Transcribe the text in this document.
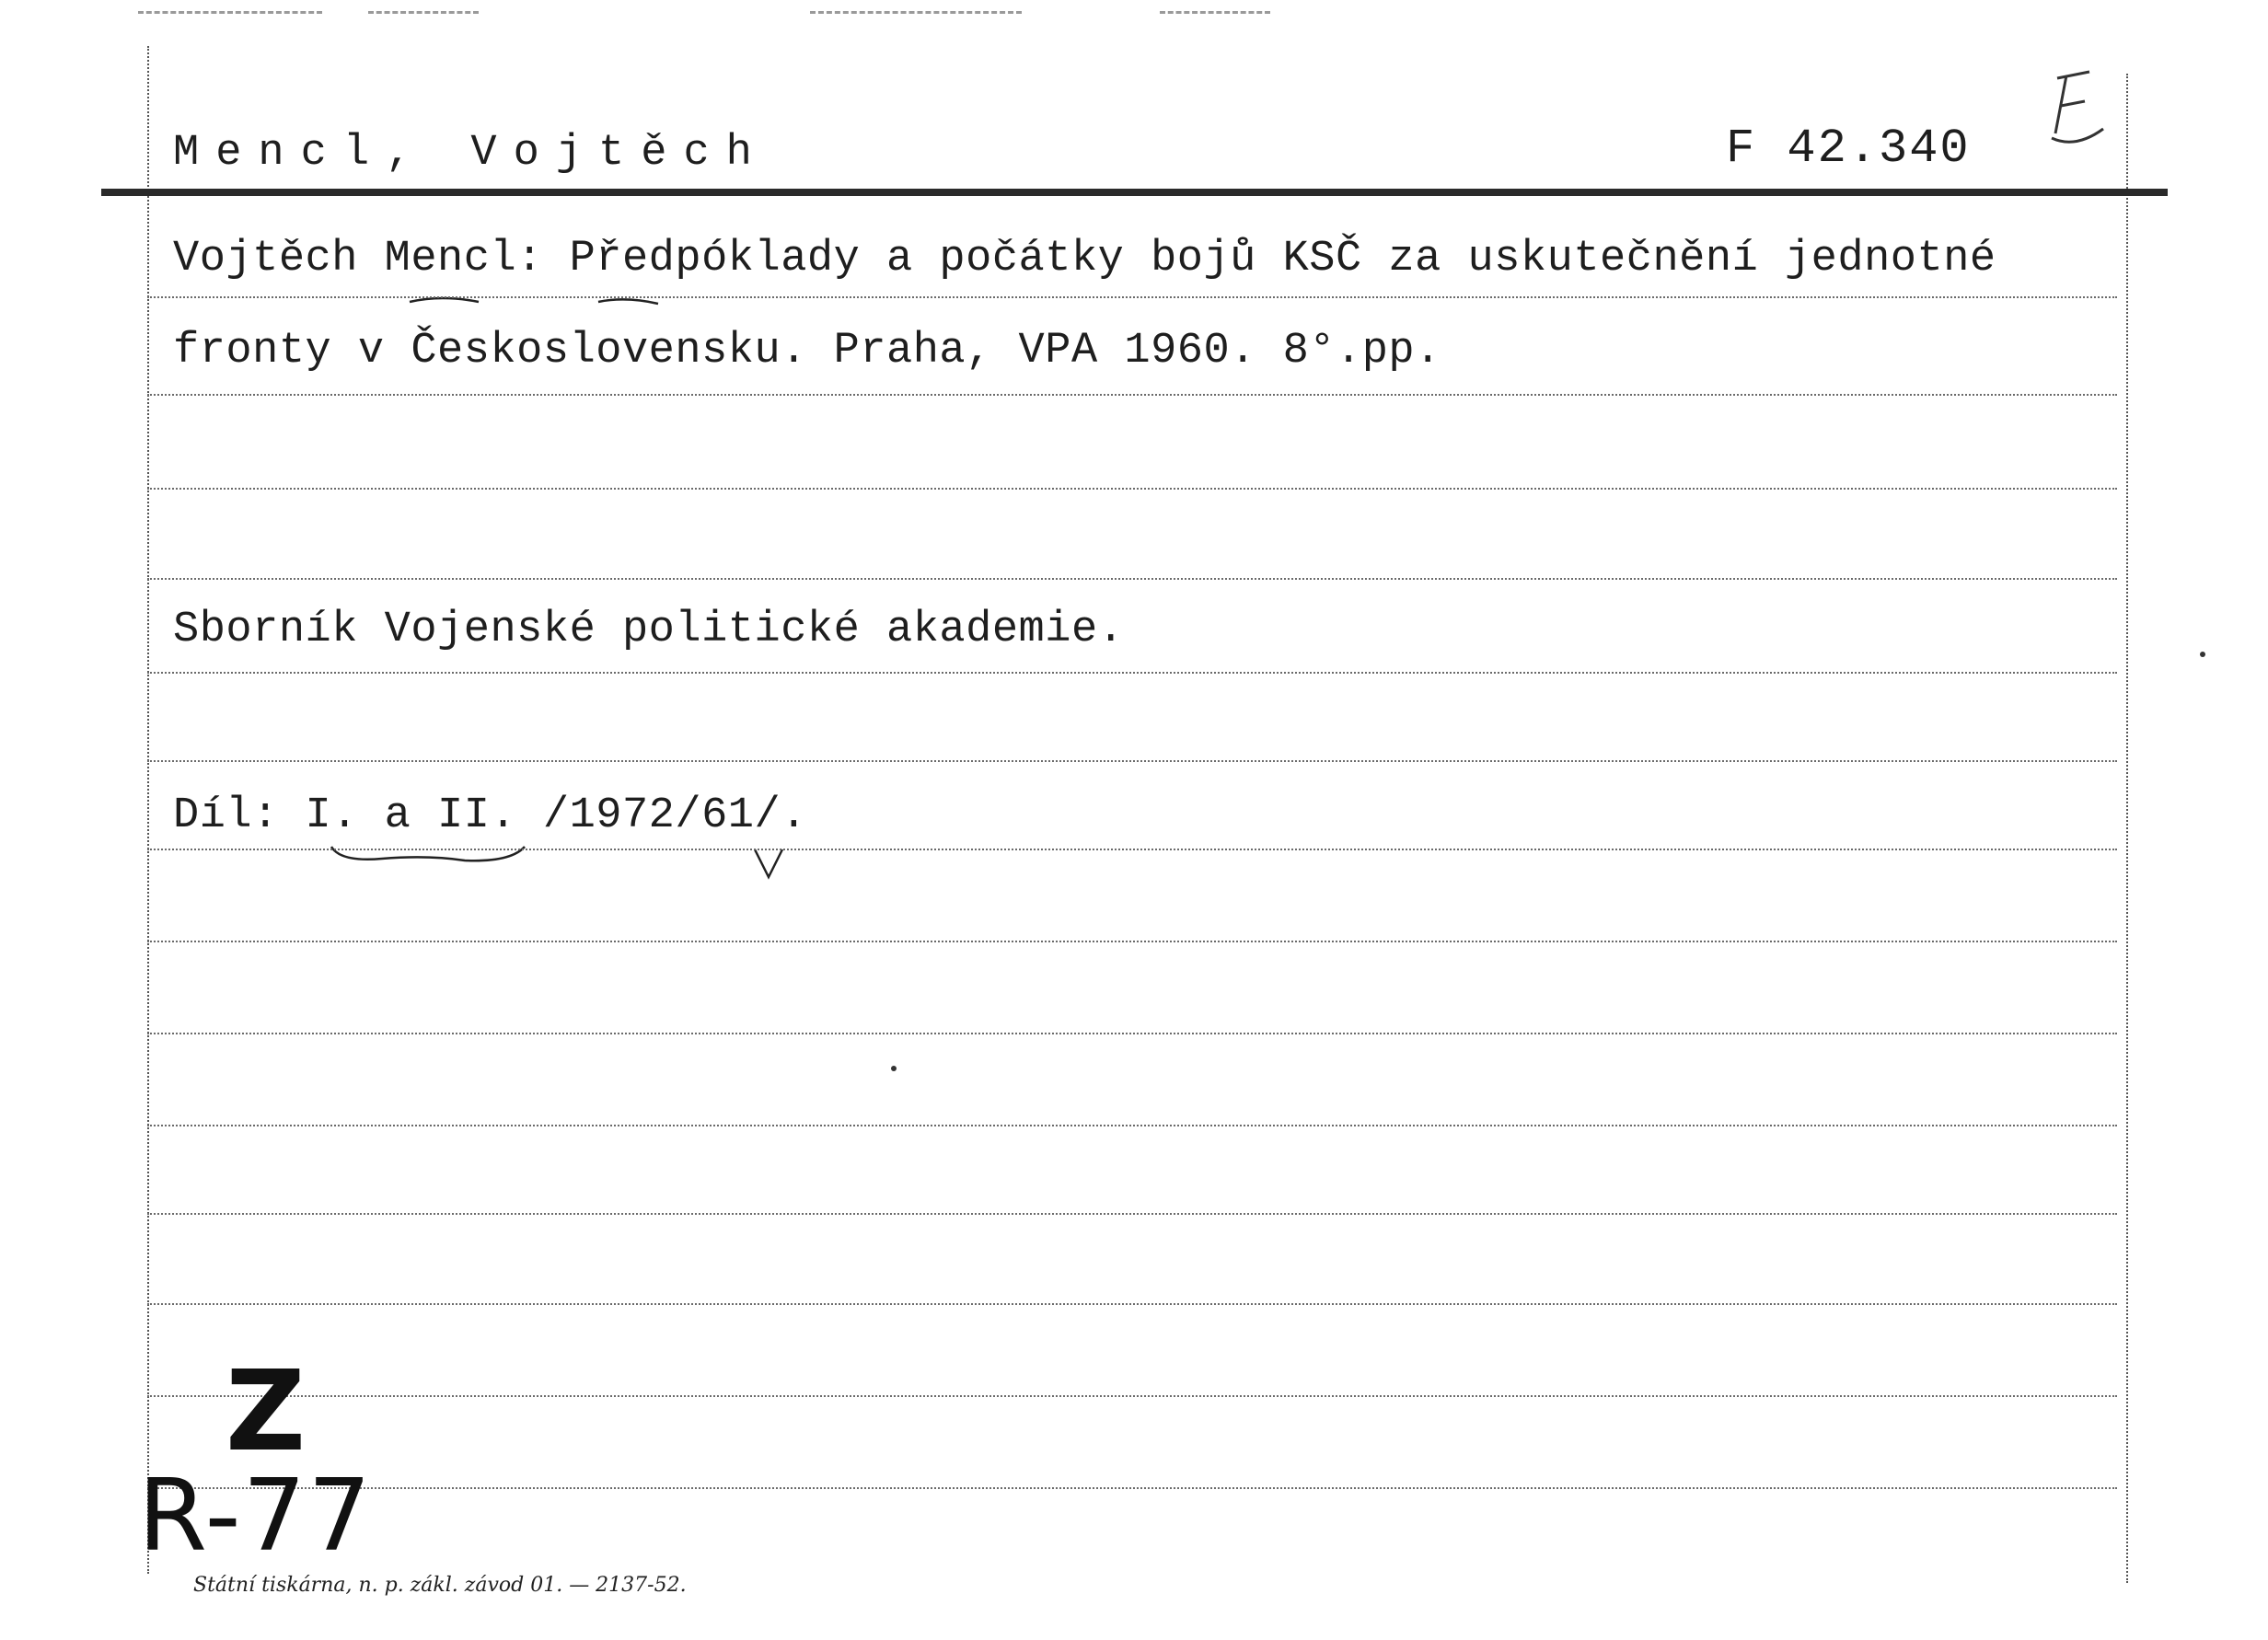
Mencl, Vojtěch	F 42.340
Vojtěch Mencl: Předpóklady a počátky bojů KSČ za uskutečnění jednotné
fronty v Československu. Praha, VPA 1960. 8°.pp.
Sborník Vojenské politické akademie.
Díl: I. a II. /1972/61/.
Z
R-77
Státní tiskárna, n. p. zákl. závod 01. — 2137-52.
